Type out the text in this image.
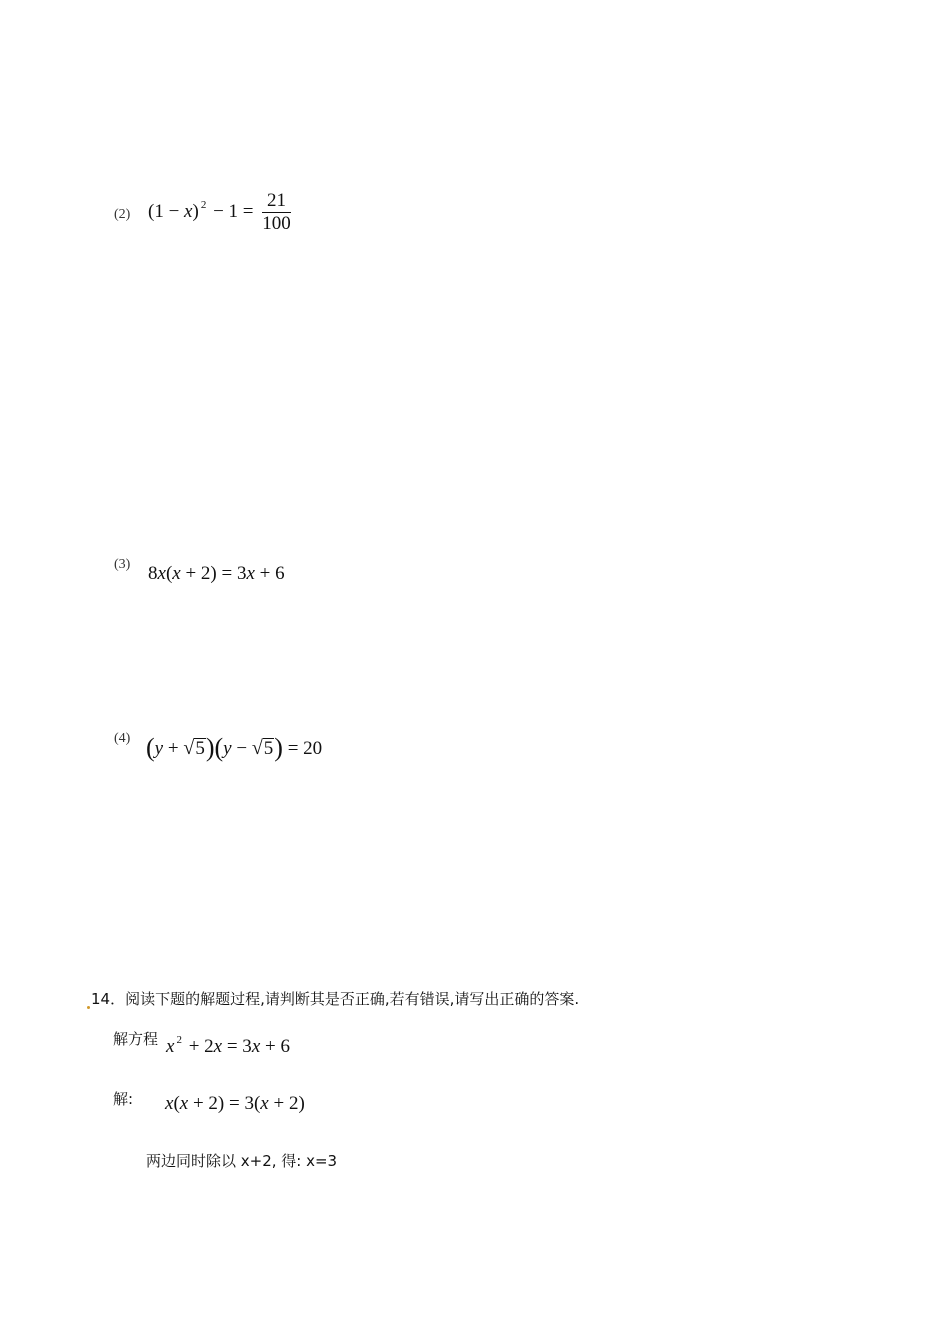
(2) (1 − x) $^2 - 1 = \frac{21}{100}$
(3) 8x(x + 2) = 3x + 6
(4) (y + √5)(y − √5) = 20
14．阅读下题的解题过程,请判断其是否正确,若有错误,请写出正确的答案.
解方程 x $^2$ + 2x = 3x + 6
解: x(x + 2) = 3(x + 2)
两边同时除以 x+2, 得: x=3
